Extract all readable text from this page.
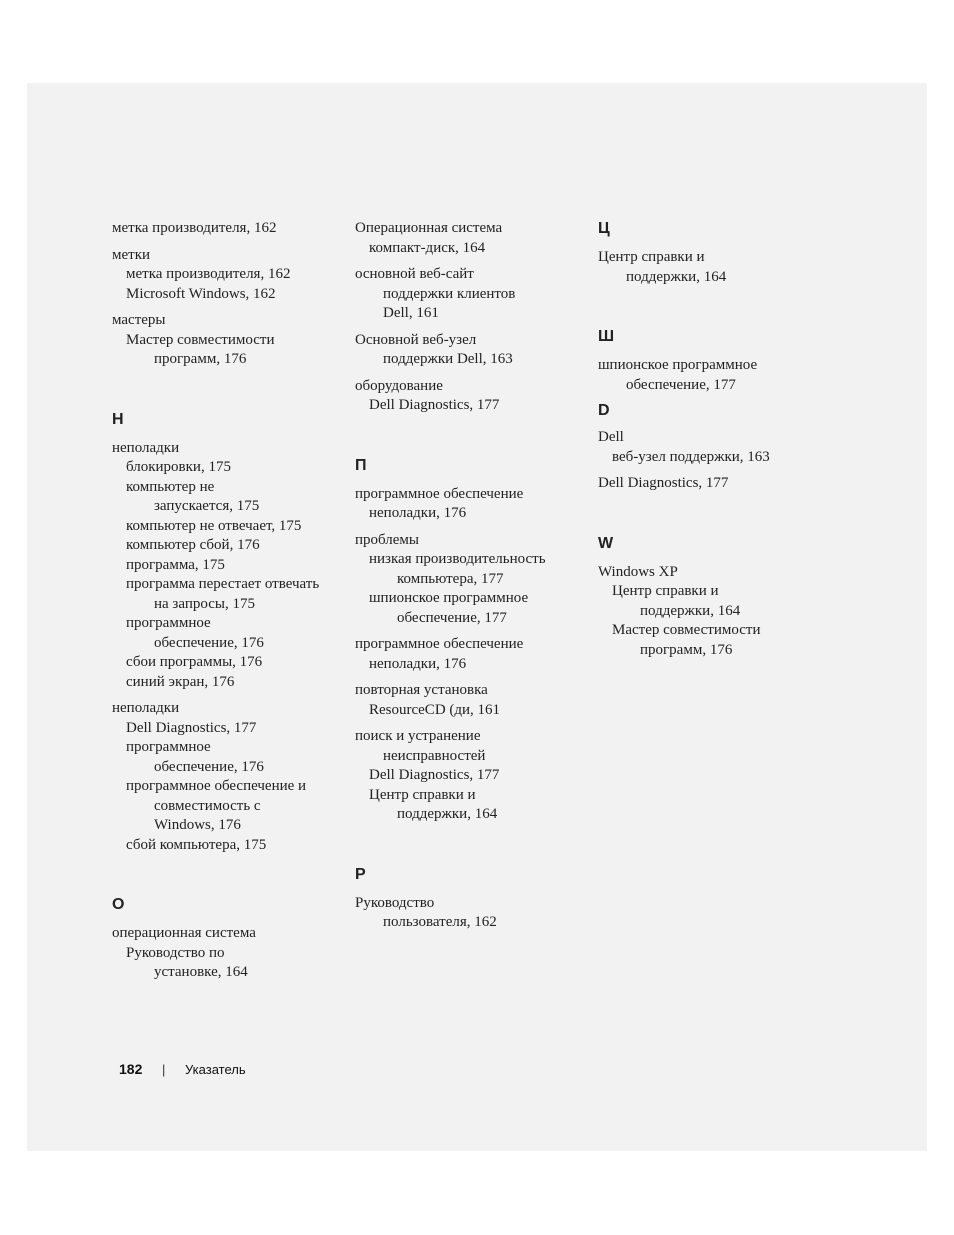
метка производителя, 162
метки
метка производителя, 162
Microsoft Windows, 162
мастеры
Мастер совместимости
программ, 176
Н
неполадки
блокировки, 175
компьютер не
запускается, 175
компьютер не отвечает, 175
компьютер сбой, 176
программа, 175
программа перестает отвечать
на запросы, 175
программное
обеспечение, 176
сбои программы, 176
синий экран, 176
неполадки
Dell Diagnostics, 177
программное
обеспечение, 176
программное обеспечение и
совместимость с
Windows, 176
сбой компьютера, 175
О
операционная система
Руководство по
установке, 164
Операционная система
компакт-диск, 164
основной веб-сайт
поддержки клиентов
Dell, 161
Основной веб-узел
поддержки Dell, 163
оборудование
Dell Diagnostics, 177
П
программное обеспечение
неполадки, 176
проблемы
низкая производительность
компьютера, 177
шпионское программное
обеспечение, 177
программное обеспечение
неполадки, 176
повторная установка
ResourceCD (ди, 161
поиск и устранение
неисправностей
Dell Diagnostics, 177
Центр справки и
поддержки, 164
Р
Руководство
пользователя, 162
Ц
Центр справки и
поддержки, 164
Ш
шпионское программное
обеспечение, 177
D
Dell
веб-узел поддержки, 163
Dell Diagnostics, 177
W
Windows XP
Центр справки и
поддержки, 164
Мастер совместимости
программ, 176
182 | Указатель
